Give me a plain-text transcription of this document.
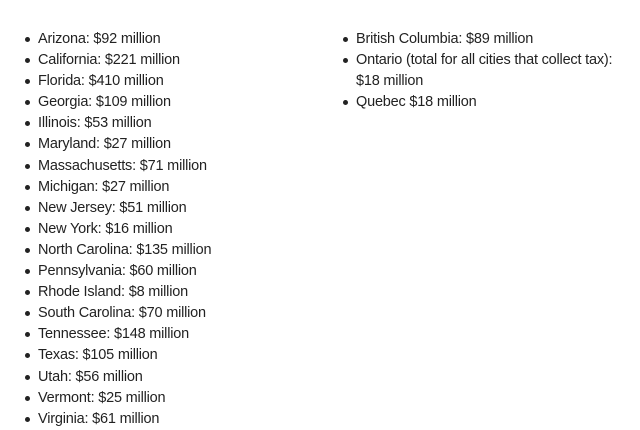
Arizona: $92 million
California: $221 million
Florida: $410 million
Georgia: $109 million
Illinois: $53 million
Maryland: $27 million
Massachusetts: $71 million
Michigan: $27 million
New Jersey: $51 million
New York: $16 million
North Carolina: $135 million
Pennsylvania: $60 million
Rhode Island: $8 million
South Carolina: $70 million
Tennessee: $148 million
Texas: $105 million
Utah: $56 million
Vermont: $25 million
Virginia: $61 million
British Columbia: $89 million
Ontario (total for all cities that collect tax): $18 million
Quebec $18 million
